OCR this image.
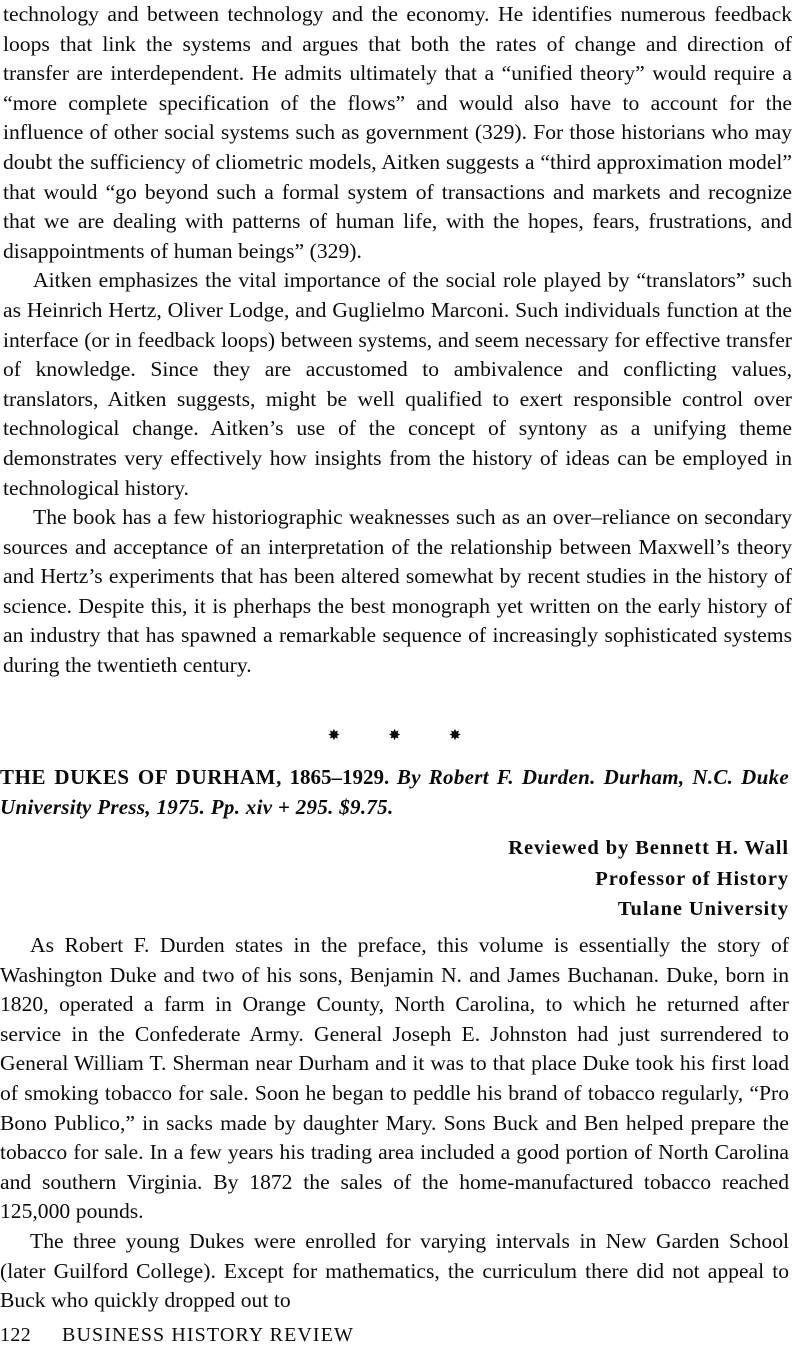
technology and between technology and the economy. He identifies numerous feedback loops that link the systems and argues that both the rates of change and direction of transfer are interdependent. He admits ultimately that a “unified theory” would require a “more complete specification of the flows” and would also have to account for the influence of other social systems such as government (329). For those historians who may doubt the sufficiency of cliometric models, Aitken suggests a “third approximation model” that would “go beyond such a formal system of transactions and markets and recognize that we are dealing with patterns of human life, with the hopes, fears, frustrations, and disappointments of human beings” (329).

Aitken emphasizes the vital importance of the social role played by “translators” such as Heinrich Hertz, Oliver Lodge, and Guglielmo Marconi. Such individuals function at the interface (or in feedback loops) between systems, and seem necessary for effective transfer of knowledge. Since they are accustomed to ambivalence and conflicting values, translators, Aitken suggests, might be well qualified to exert responsible control over technological change. Aitken’s use of the concept of syntony as a unifying theme demonstrates very effectively how insights from the history of ideas can be employed in technological history.

The book has a few historiographic weaknesses such as an over–reliance on secondary sources and acceptance of an interpretation of the relationship between Maxwell’s theory and Hertz’s experiments that has been altered somewhat by recent studies in the history of science. Despite this, it is pherhaps the best monograph yet written on the early history of an industry that has spawned a remarkable sequence of increasingly sophisticated systems during the twentieth century.

✸	✸	✸
THE DUKES OF DURHAM, 1865–1929. By Robert F. Durden. Durham, N.C. Duke University Press, 1975. Pp. xiv + 295. $9.75.
Reviewed by Bennett H. Wall
Professor of History
Tulane University

As Robert F. Durden states in the preface, this volume is essentially the story of Washington Duke and two of his sons, Benjamin N. and James Buchanan. Duke, born in 1820, operated a farm in Orange County, North Carolina, to which he returned after service in the Confederate Army. General Joseph E. Johnston had just surrendered to General William T. Sherman near Durham and it was to that place Duke took his first load of smoking tobacco for sale. Soon he began to peddle his brand of tobacco regularly, “Pro Bono Publico,” in sacks made by daughter Mary. Sons Buck and Ben helped prepare the tobacco for sale. In a few years his trading area included a good portion of North Carolina and southern Virginia. By 1872 the sales of the home-manufactured tobacco reached 125,000 pounds.

The three young Dukes were enrolled for varying intervals in New Garden School (later Guilford College). Except for mathematics, the curriculum there did not appeal to Buck who quickly dropped out to

122 BUSINESS HISTORY REVIEW
